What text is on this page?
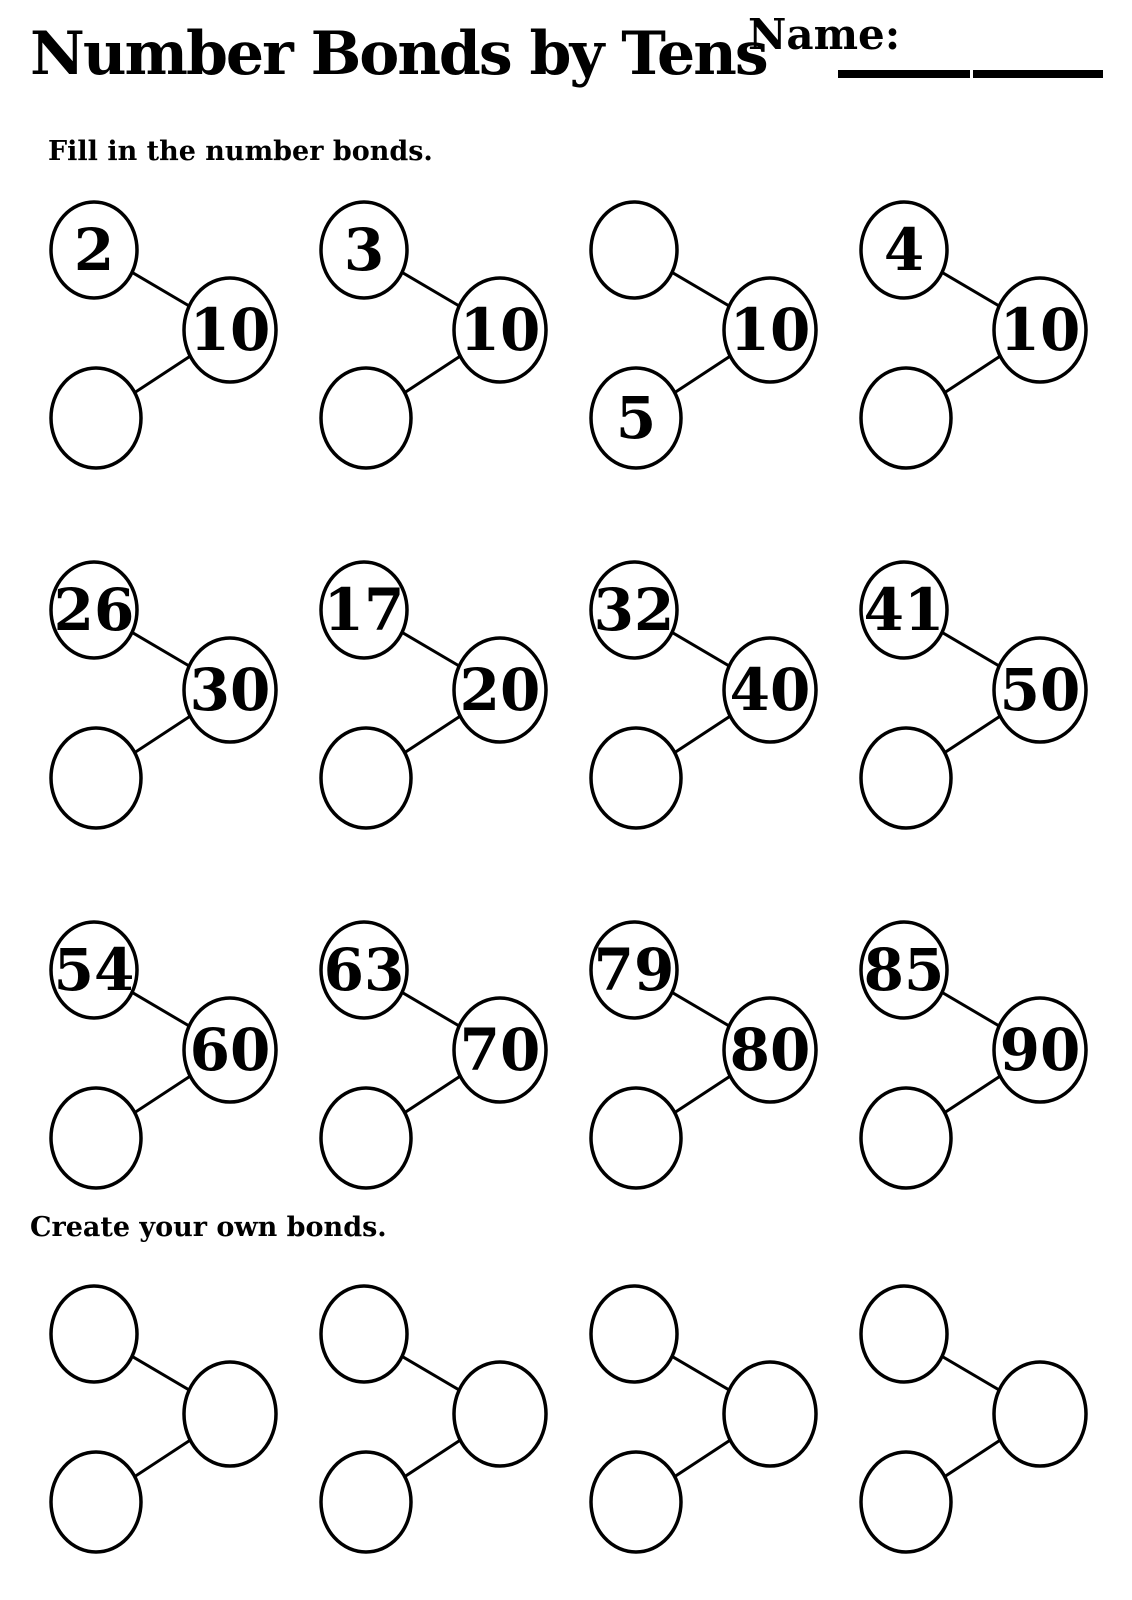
Number Bonds by Tens
Name:

Fill in the number bonds.

2
10
3
10	10
5
4
10
26
30
17
20
32
40
41
50
54
60
63
70
79
80
85
90

Create your own bonds.
